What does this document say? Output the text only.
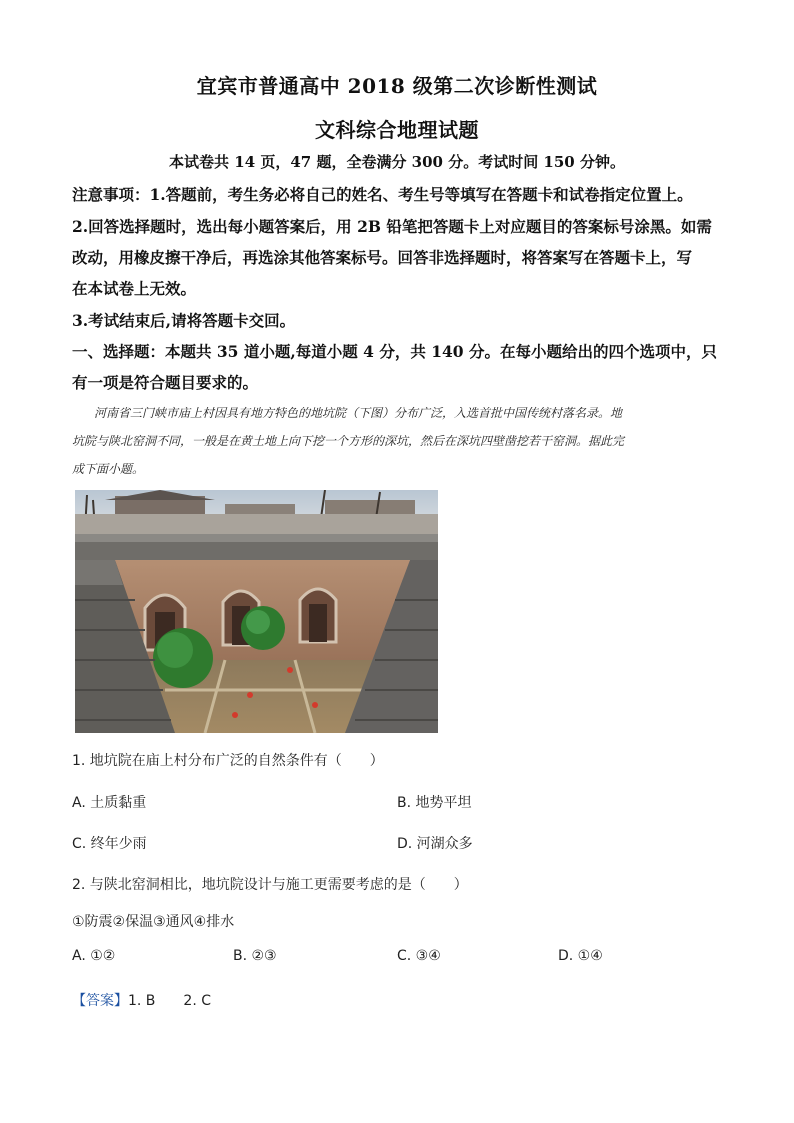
宜宾市普通高中 2018 级第二次诊断性测试
文科综合地理试题
本试卷共 14 页，47 题，全卷满分 300 分。考试时间 150 分钟。
注意事项：1.答题前，考生务必将自己的姓名、考生号等填写在答题卡和试卷指定位置上。
2.回答选择题时，选出每小题答案后，用 2B 铅笔把答题卡上对应题目的答案标号涂黑。如需
改动，用橡皮擦干净后，再选涂其他答案标号。回答非选择题时，将答案写在答题卡上，写
在本试卷上无效。
3.考试结束后,请将答题卡交回。
一、选择题：本题共 35 道小题,每道小题 4 分，共 140 分。在每小题给出的四个选项中，只
有一项是符合题目要求的。
河南省三门峡市庙上村因具有地方特色的地坑院（下图）分布广泛，入选首批中国传统村落名录。地
坑院与陕北窑洞不同，一般是在黄土地上向下挖一个方形的深坑，然后在深坑四壁凿挖若干窑洞。据此完
成下面小题。
1. 地坑院在庙上村分布广泛的自然条件有（　　）
A. 土质黏重	B. 地势平坦
C. 终年少雨	D. 河湖众多
2. 与陕北窑洞相比，地坑院设计与施工更需要考虑的是（　　）
①防震②保温③通风④排水
A. ①②	B. ②③	C. ③④	D. ①④
【答案】1. B　　2. C
